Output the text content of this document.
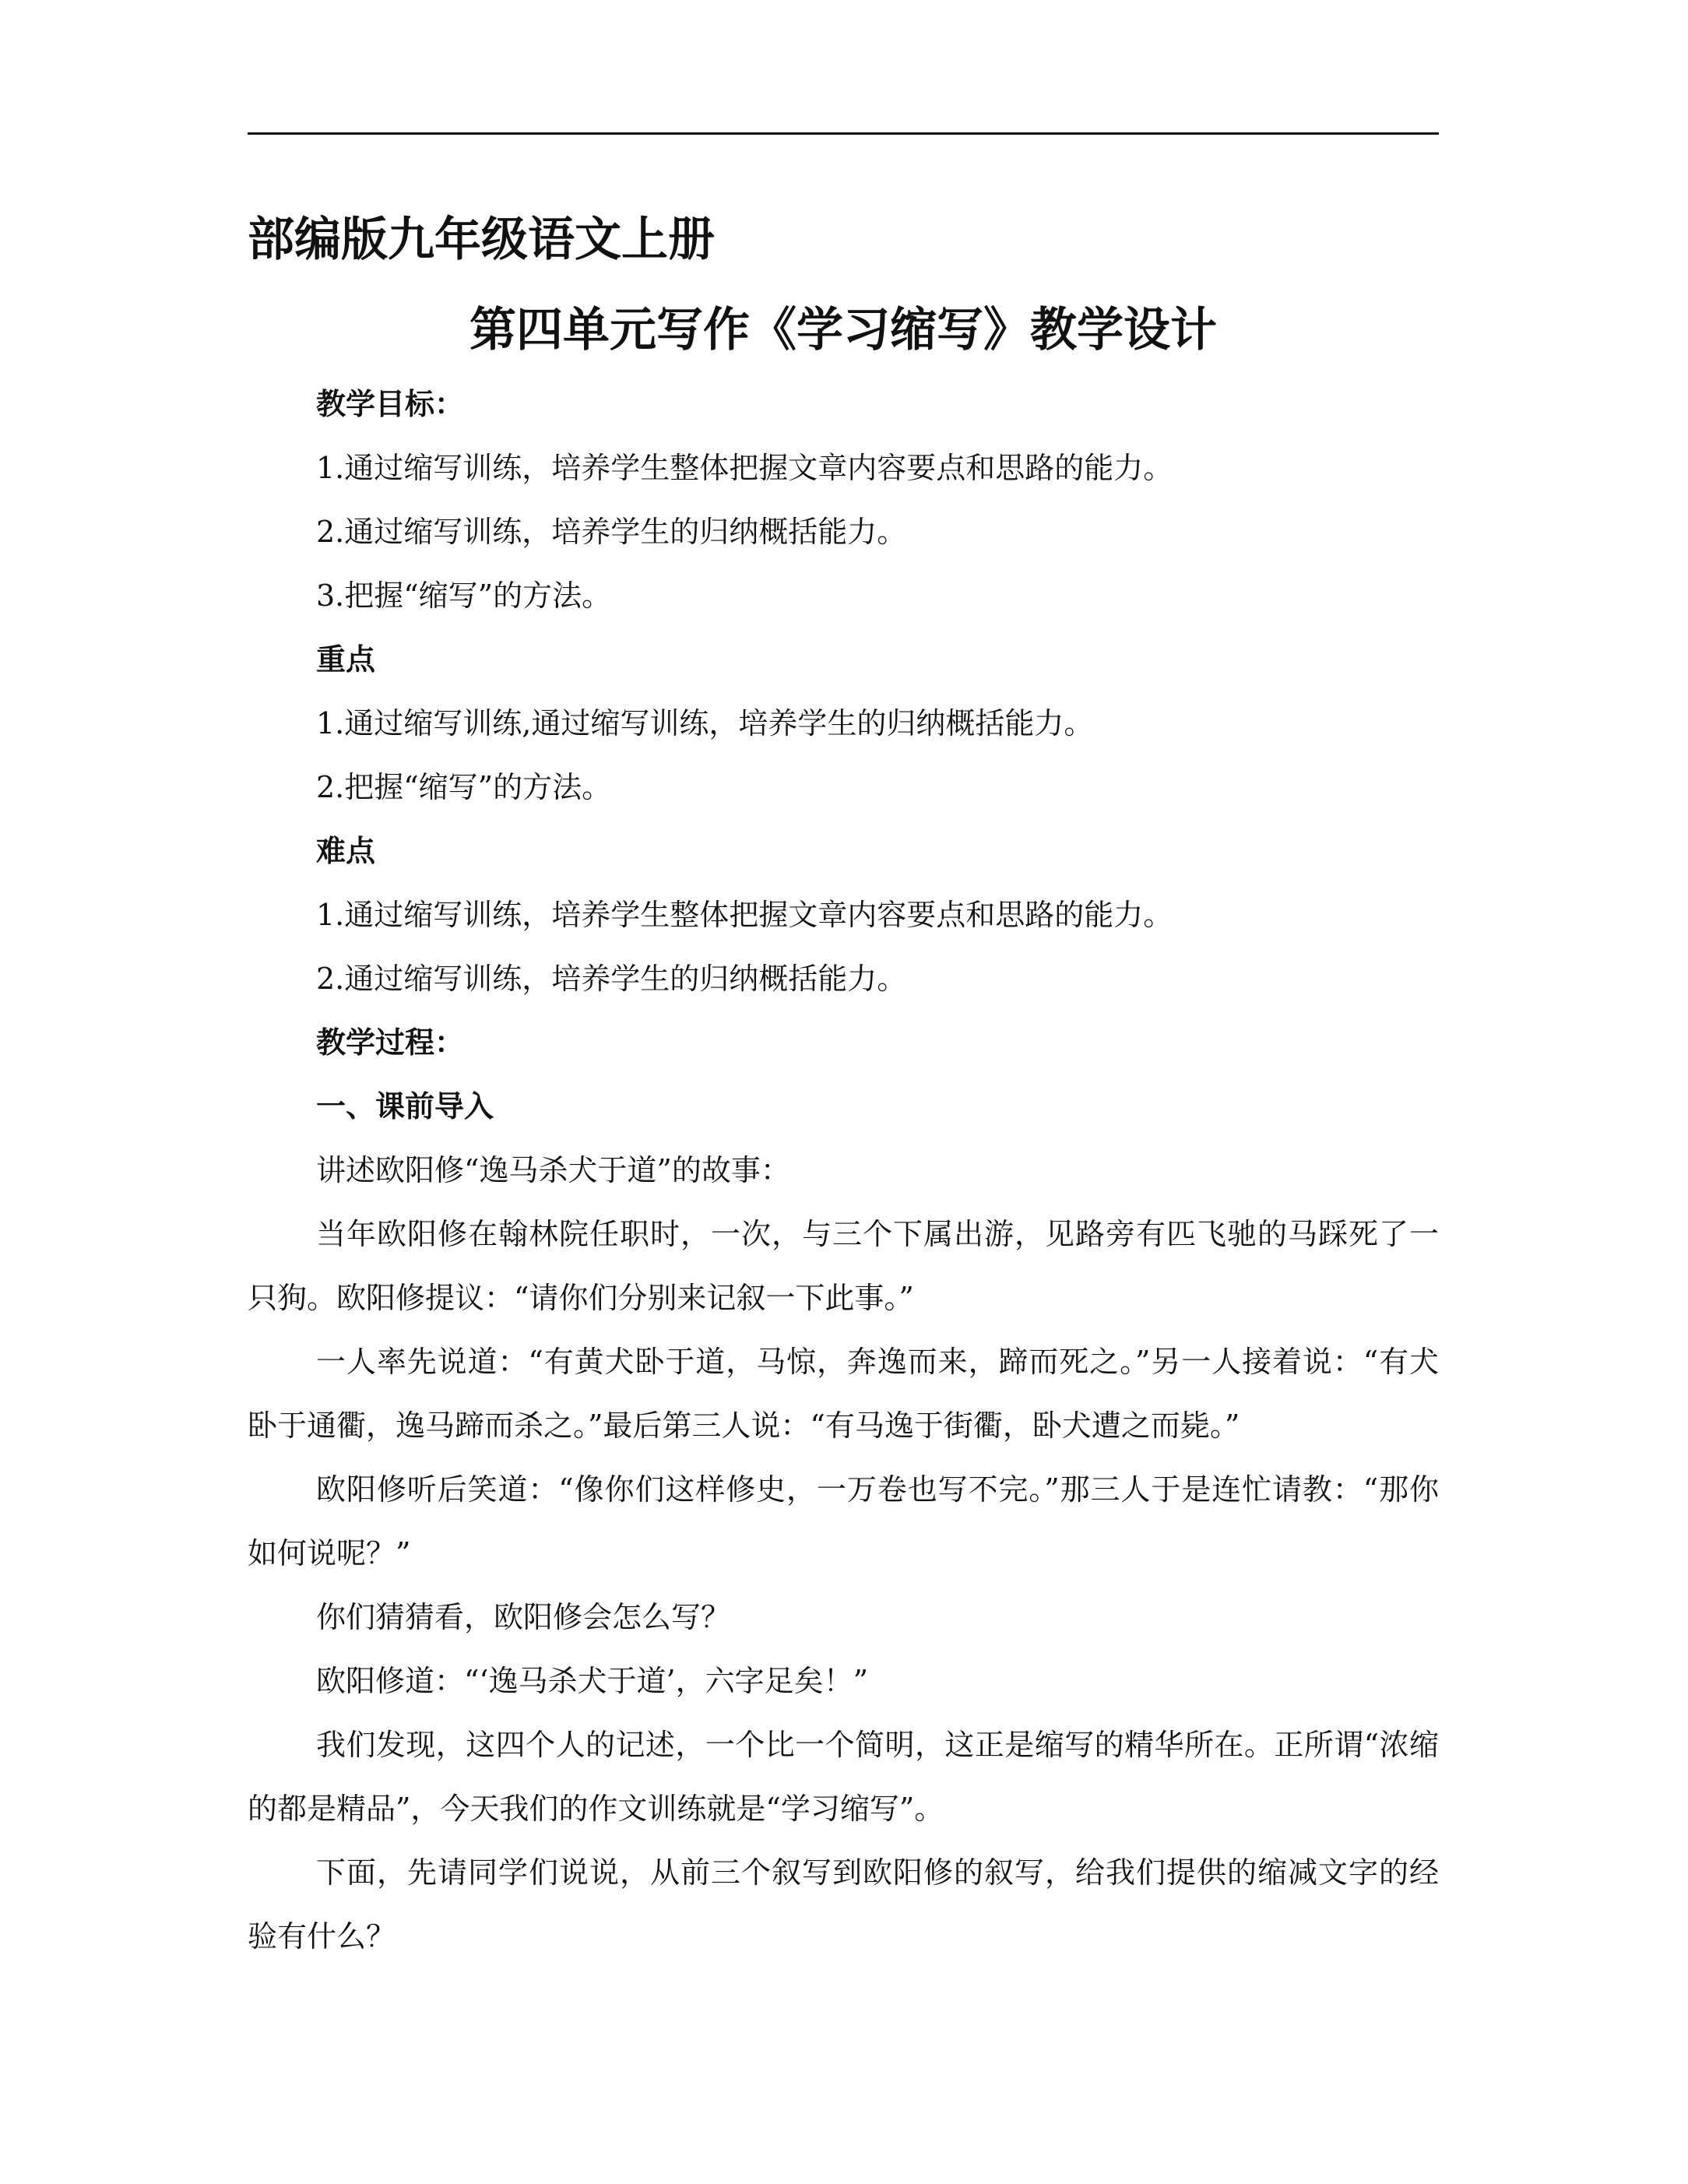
部编版九年级语文上册
第四单元写作《学习缩写》教学设计

教学目标：

1.通过缩写训练，培养学生整体把握文章内容要点和思路的能力。

2.通过缩写训练，培养学生的归纳概括能力。

3.把握“缩写”的方法。

重点

1.通过缩写训练,通过缩写训练，培养学生的归纳概括能力。

2.把握“缩写”的方法。

难点

1.通过缩写训练，培养学生整体把握文章内容要点和思路的能力。

2.通过缩写训练，培养学生的归纳概括能力。

教学过程：

一、课前导入

讲述欧阳修“逸马杀犬于道”的故事：

当年欧阳修在翰林院任职时，一次，与三个下属出游，见路旁有匹飞驰的马踩死了一只狗。欧阳修提议：“请你们分别来记叙一下此事。”

一人率先说道：“有黄犬卧于道，马惊，奔逸而来，蹄而死之。”另一人接着说：“有犬卧于通衢，逸马蹄而杀之。”最后第三人说：“有马逸于街衢，卧犬遭之而毙。”

欧阳修听后笑道：“像你们这样修史，一万卷也写不完。”那三人于是连忙请教：“那你如何说呢？”

你们猜猜看，欧阳修会怎么写？

欧阳修道：“‘逸马杀犬于道’，六字足矣！”

我们发现，这四个人的记述，一个比一个简明，这正是缩写的精华所在。正所谓“浓缩的都是精品”，今天我们的作文训练就是“学习缩写”。

下面，先请同学们说说，从前三个叙写到欧阳修的叙写，给我们提供的缩减文字的经验有什么？
